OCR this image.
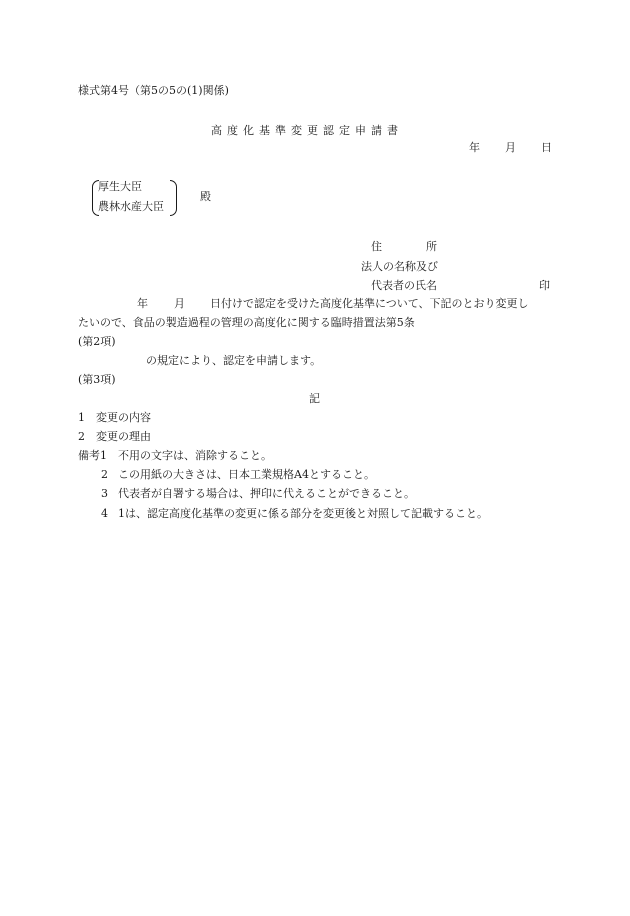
様式第4号（第5の5の(1)関係)
高度化基準変更認定申請書
年 月 日
厚生大臣
農林水産大臣
殿
住　　　　所
法人の名称及び
代表者の氏名	印
年 月 日付けで認定を受けた高度化基準について、下記のとおり変更し
たいので、食品の製造過程の管理の高度化に関する臨時措置法第5条
(第2項)
の規定により、認定を申請します。
(第3項)
記
1　変更の内容
2　変更の理由
備考1 不用の文字は、消除すること。
2 この用紙の大きさは、日本工業規格A4とすること。
3 代表者が自署する場合は、押印に代えることができること。
4 1は、認定高度化基準の変更に係る部分を変更後と対照して記載すること。
